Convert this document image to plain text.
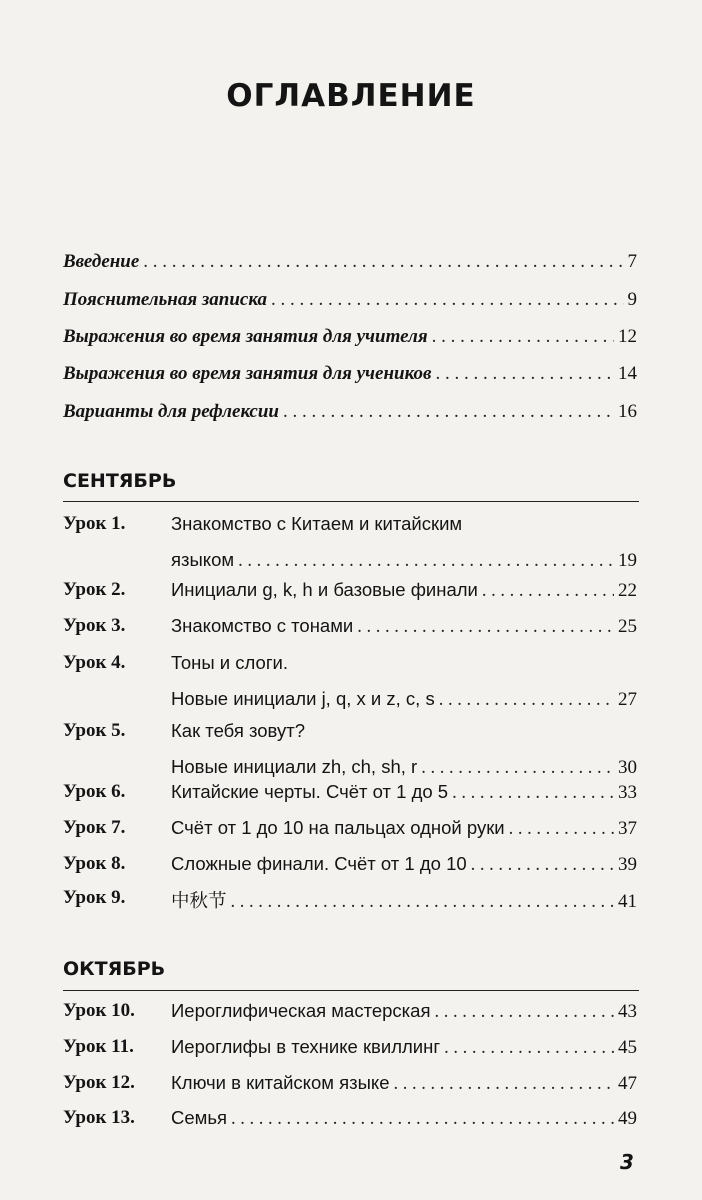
ОГЛАВЛЕНИЕ
Введение . . .	7
Пояснительная записка . . .	9
Выражения во время занятия для учителя . . .	12
Выражения во время занятия для учеников . . .	14
Варианты для рефлексии . . .	16
СЕНТЯБРЬ
Урок 1. Знакомство с Китаем и китайским
языком . . .	19
Урок 2. Инициали g, k, h и базовые финали . . .	22
Урок 3. Знакомство с тонами . . .	25
Урок 4. Тоны и слоги.
Новые инициали j, q, x и z, c, s . . .	27
Урок 5. Как тебя зовут?
Новые инициали zh, ch, sh, r . . .	30
Урок 6. Китайские черты. Счёт от 1 до 5 . . .	33
Урок 7. Счёт от 1 до 10 на пальцах одной руки . . .	37
Урок 8. Сложные финали. Счёт от 1 до 10 . . .	39
Урок 9. 中秋节 . . .	41
ОКТЯБРЬ
Урок 10. Иероглифическая мастерская . . .	43
Урок 11. Иероглифы в технике квиллинг . . .	45
Урок 12. Ключи в китайском языке . . .	47
Урок 13. Семья . . .	49
3
